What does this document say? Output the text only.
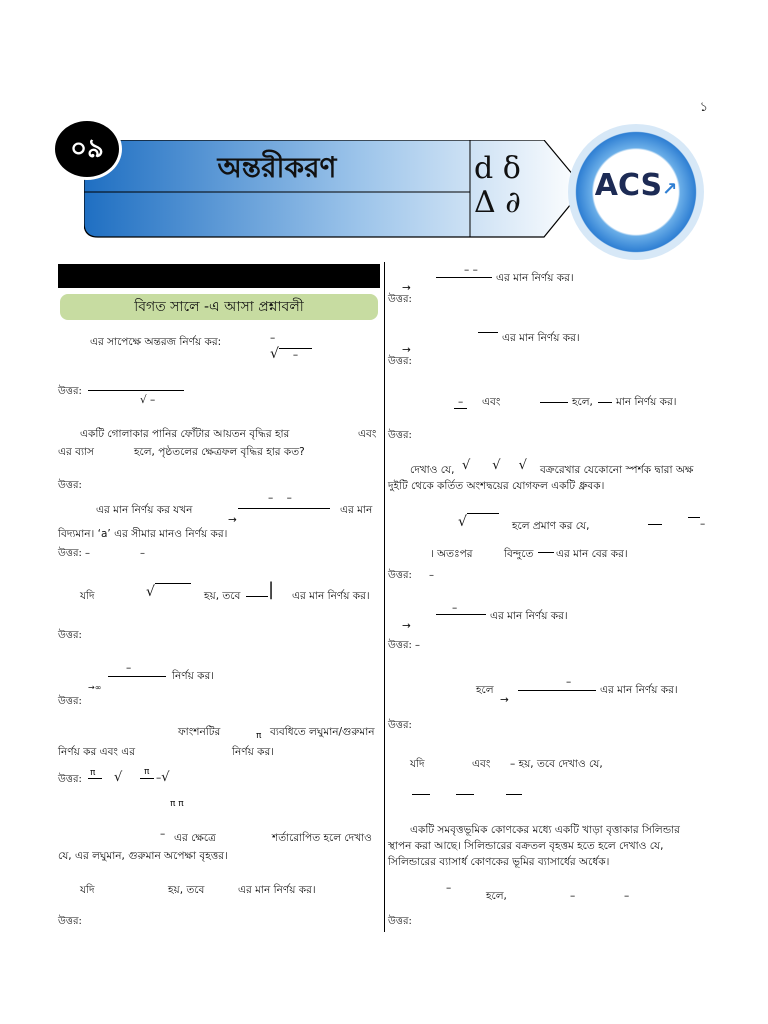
১
অন্তরীকরণ
০৯
d δ
Δ ∂	ACS↗
বিগত সালে -এ আসা প্রশ্নাবলী
এর সাপেক্ষে অন্তরজ নির্ণয় কর:	–
√ –
উত্তর:
√ –
একটি গোলাকার পানির ফোঁটার আয়তন বৃদ্ধির হার	এবং
এর ব্যাস	হলে, পৃষ্ঠতলের ক্ষেত্রফল বৃদ্ধির হার কত?
উত্তর:
এর মান নির্ণয় কর যখন
– –
→
এর মান
বিদ্যমান। ‘a’ এর সীমার মানও নির্ণয় কর।
উত্তর: –	–
যদি	√	হয়, তবে | এর মান নির্ণয় কর।
উত্তর:
–
নির্ণয় কর।
→∞
উত্তর:
ফাংশনটির	π ব্যবধিতে লঘুমান/গুরুমান
নির্ণয় কর এবং এর	নির্ণয় কর।
উত্তর:
π √ π –√
π π
– এর ক্ষেত্রে	শর্তারোপিত হলে দেখাও
যে, এর লঘুমান, গুরুমান অপেক্ষা বৃহত্তর।
যদি	হয়, তবে	এর মান নির্ণয় কর।
উত্তর:
– –
এর মান নির্ণয় কর।
→
উত্তর:
এর মান নির্ণয় কর।
→
উত্তর:
–	এবং	হলে, মান নির্ণয় কর।
উত্তর:
দেখাও যে, √ √ √ বক্ররেখার যেকোনো স্পর্শক দ্বারা অক্ষ
দুইটি থেকে কর্তিত অংশদ্বয়ের যোগফল একটি ধ্রুবক।
√	হলে প্রমাণ কর যে,	–
। অতঃপর	বিন্দুতে এর মান বের কর।
উত্তর: –
–
এর মান নির্ণয় কর।
→
উত্তর: –
হলে
→
–
এর মান নির্ণয় কর।
উত্তর:
যদি	এবং – হয়, তবে দেখাও যে,
একটি সমবৃত্তভূমিক কোণকের মধ্যে একটি খাড়া বৃত্তাকার সিলিন্ডার
স্থাপন করা আছে। সিলিন্ডারের বক্রতল বৃহত্তম হতে হলে দেখাও যে,
সিলিন্ডারের ব্যাসার্ধ কোণকের ভূমির ব্যাসার্ধের অর্ধেক।
–
হলে,	–	–
উত্তর:
